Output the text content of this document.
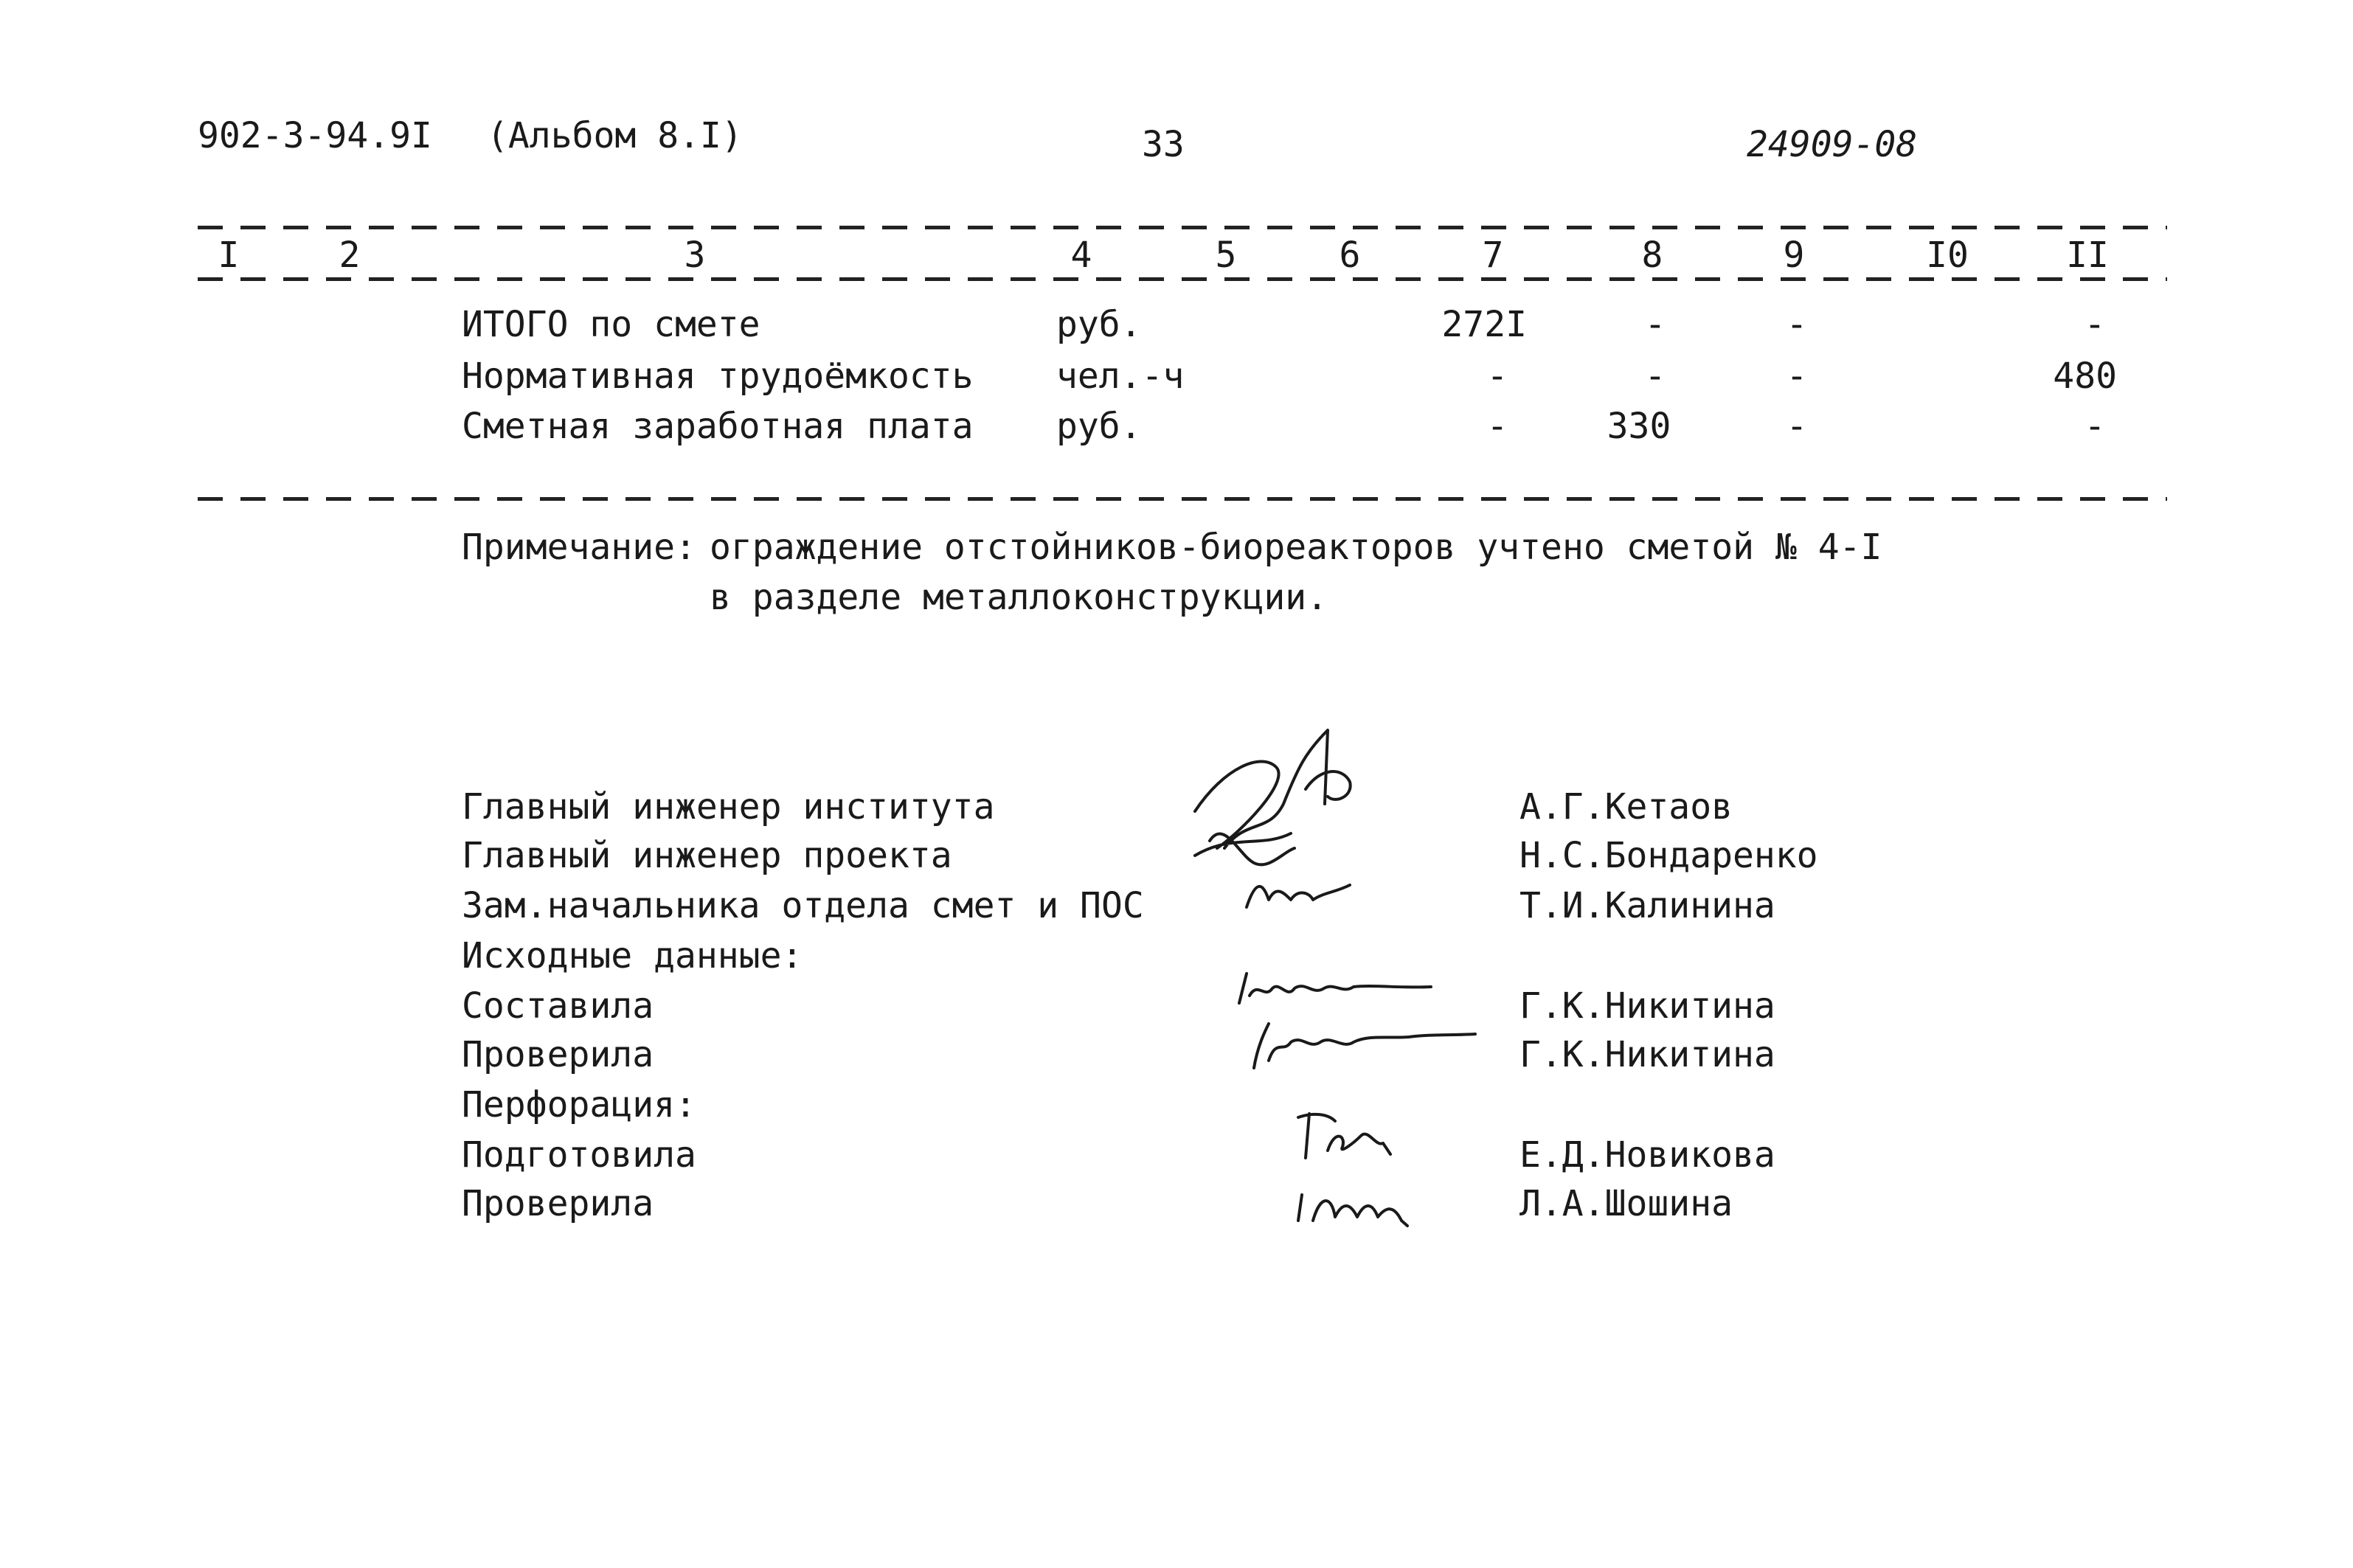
902-3-94.9I (Альбом 8.I)	33	24909-08
I	2	3	4	5	6	7	8	9	I0	II
ИТОГО по смете	руб.	272I	-	-	-
Нормативная трудоёмкость чел.-ч	-	-	-	480
Сметная заработная плата руб.	-	330	-	-
Примечание: ограждение отстойников-биореакторов учтено сметой № 4-I
в разделе металлоконструкции.
Главный инженер института	А.Г.Кетаов
Главный инженер проекта	Н.С.Бондаренко
Зам.начальника отдела смет и ПОС	Т.И.Калинина
Исходные данные:
Составила	Г.К.Никитина
Проверила	Г.К.Никитина
Перфорация:
Подготовила	Е.Д.Новикова
Проверила	Л.А.Шошина
